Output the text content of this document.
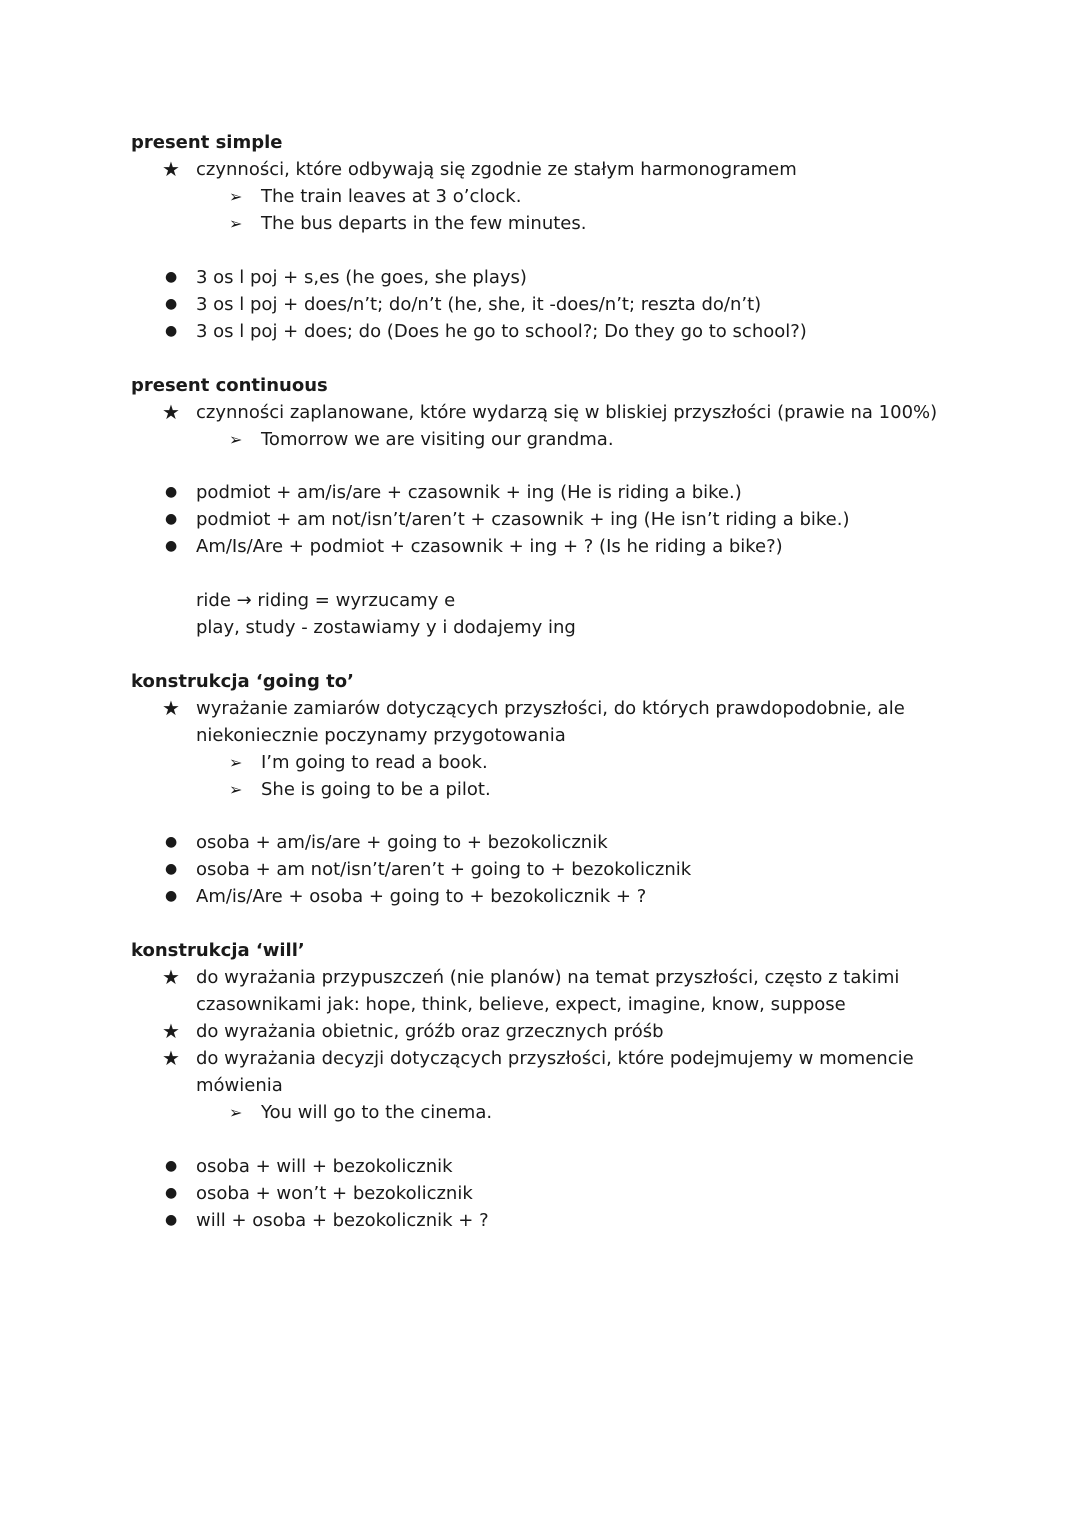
present simple
★ czynności, które odbywają się zgodnie ze stałym harmonogramem
➢ The train leaves at 3 o’clock.
➢ The bus departs in the few minutes.
● 3 os l poj + s,es (he goes, she plays)
● 3 os l poj + does/n’t; do/n’t (he, she, it -does/n’t; reszta do/n’t)
● 3 os l poj + does; do (Does he go to school?; Do they go to school?)
present continuous
★ czynności zaplanowane, które wydarzą się w bliskiej przyszłości (prawie na 100%)
➢ Tomorrow we are visiting our grandma.
● podmiot + am/is/are + czasownik + ing (He is riding a bike.)
● podmiot + am not/isn’t/aren’t + czasownik + ing (He isn’t riding a bike.)
● Am/Is/Are + podmiot + czasownik + ing + ? (Is he riding a bike?)
ride → riding = wyrzucamy e
play, study - zostawiamy y i dodajemy ing
konstrukcja ‘going to’
★ wyrażanie zamiarów dotyczących przyszłości, do których prawdopodobnie, ale
niekoniecznie poczynamy przygotowania
➢ I’m going to read a book.
➢ She is going to be a pilot.
● osoba + am/is/are + going to + bezokolicznik
● osoba + am not/isn’t/aren’t + going to + bezokolicznik
● Am/is/Are + osoba + going to + bezokolicznik + ?
konstrukcja ‘will’
★ do wyrażania przypuszczeń (nie planów) na temat przyszłości, często z takimi
czasownikami jak: hope, think, believe, expect, imagine, know, suppose
★ do wyrażania obietnic, gróźb oraz grzecznych próśb
★ do wyrażania decyzji dotyczących przyszłości, które podejmujemy w momencie
mówienia
➢ You will go to the cinema.
● osoba + will + bezokolicznik
● osoba + won’t + bezokolicznik
● will + osoba + bezokolicznik + ?
